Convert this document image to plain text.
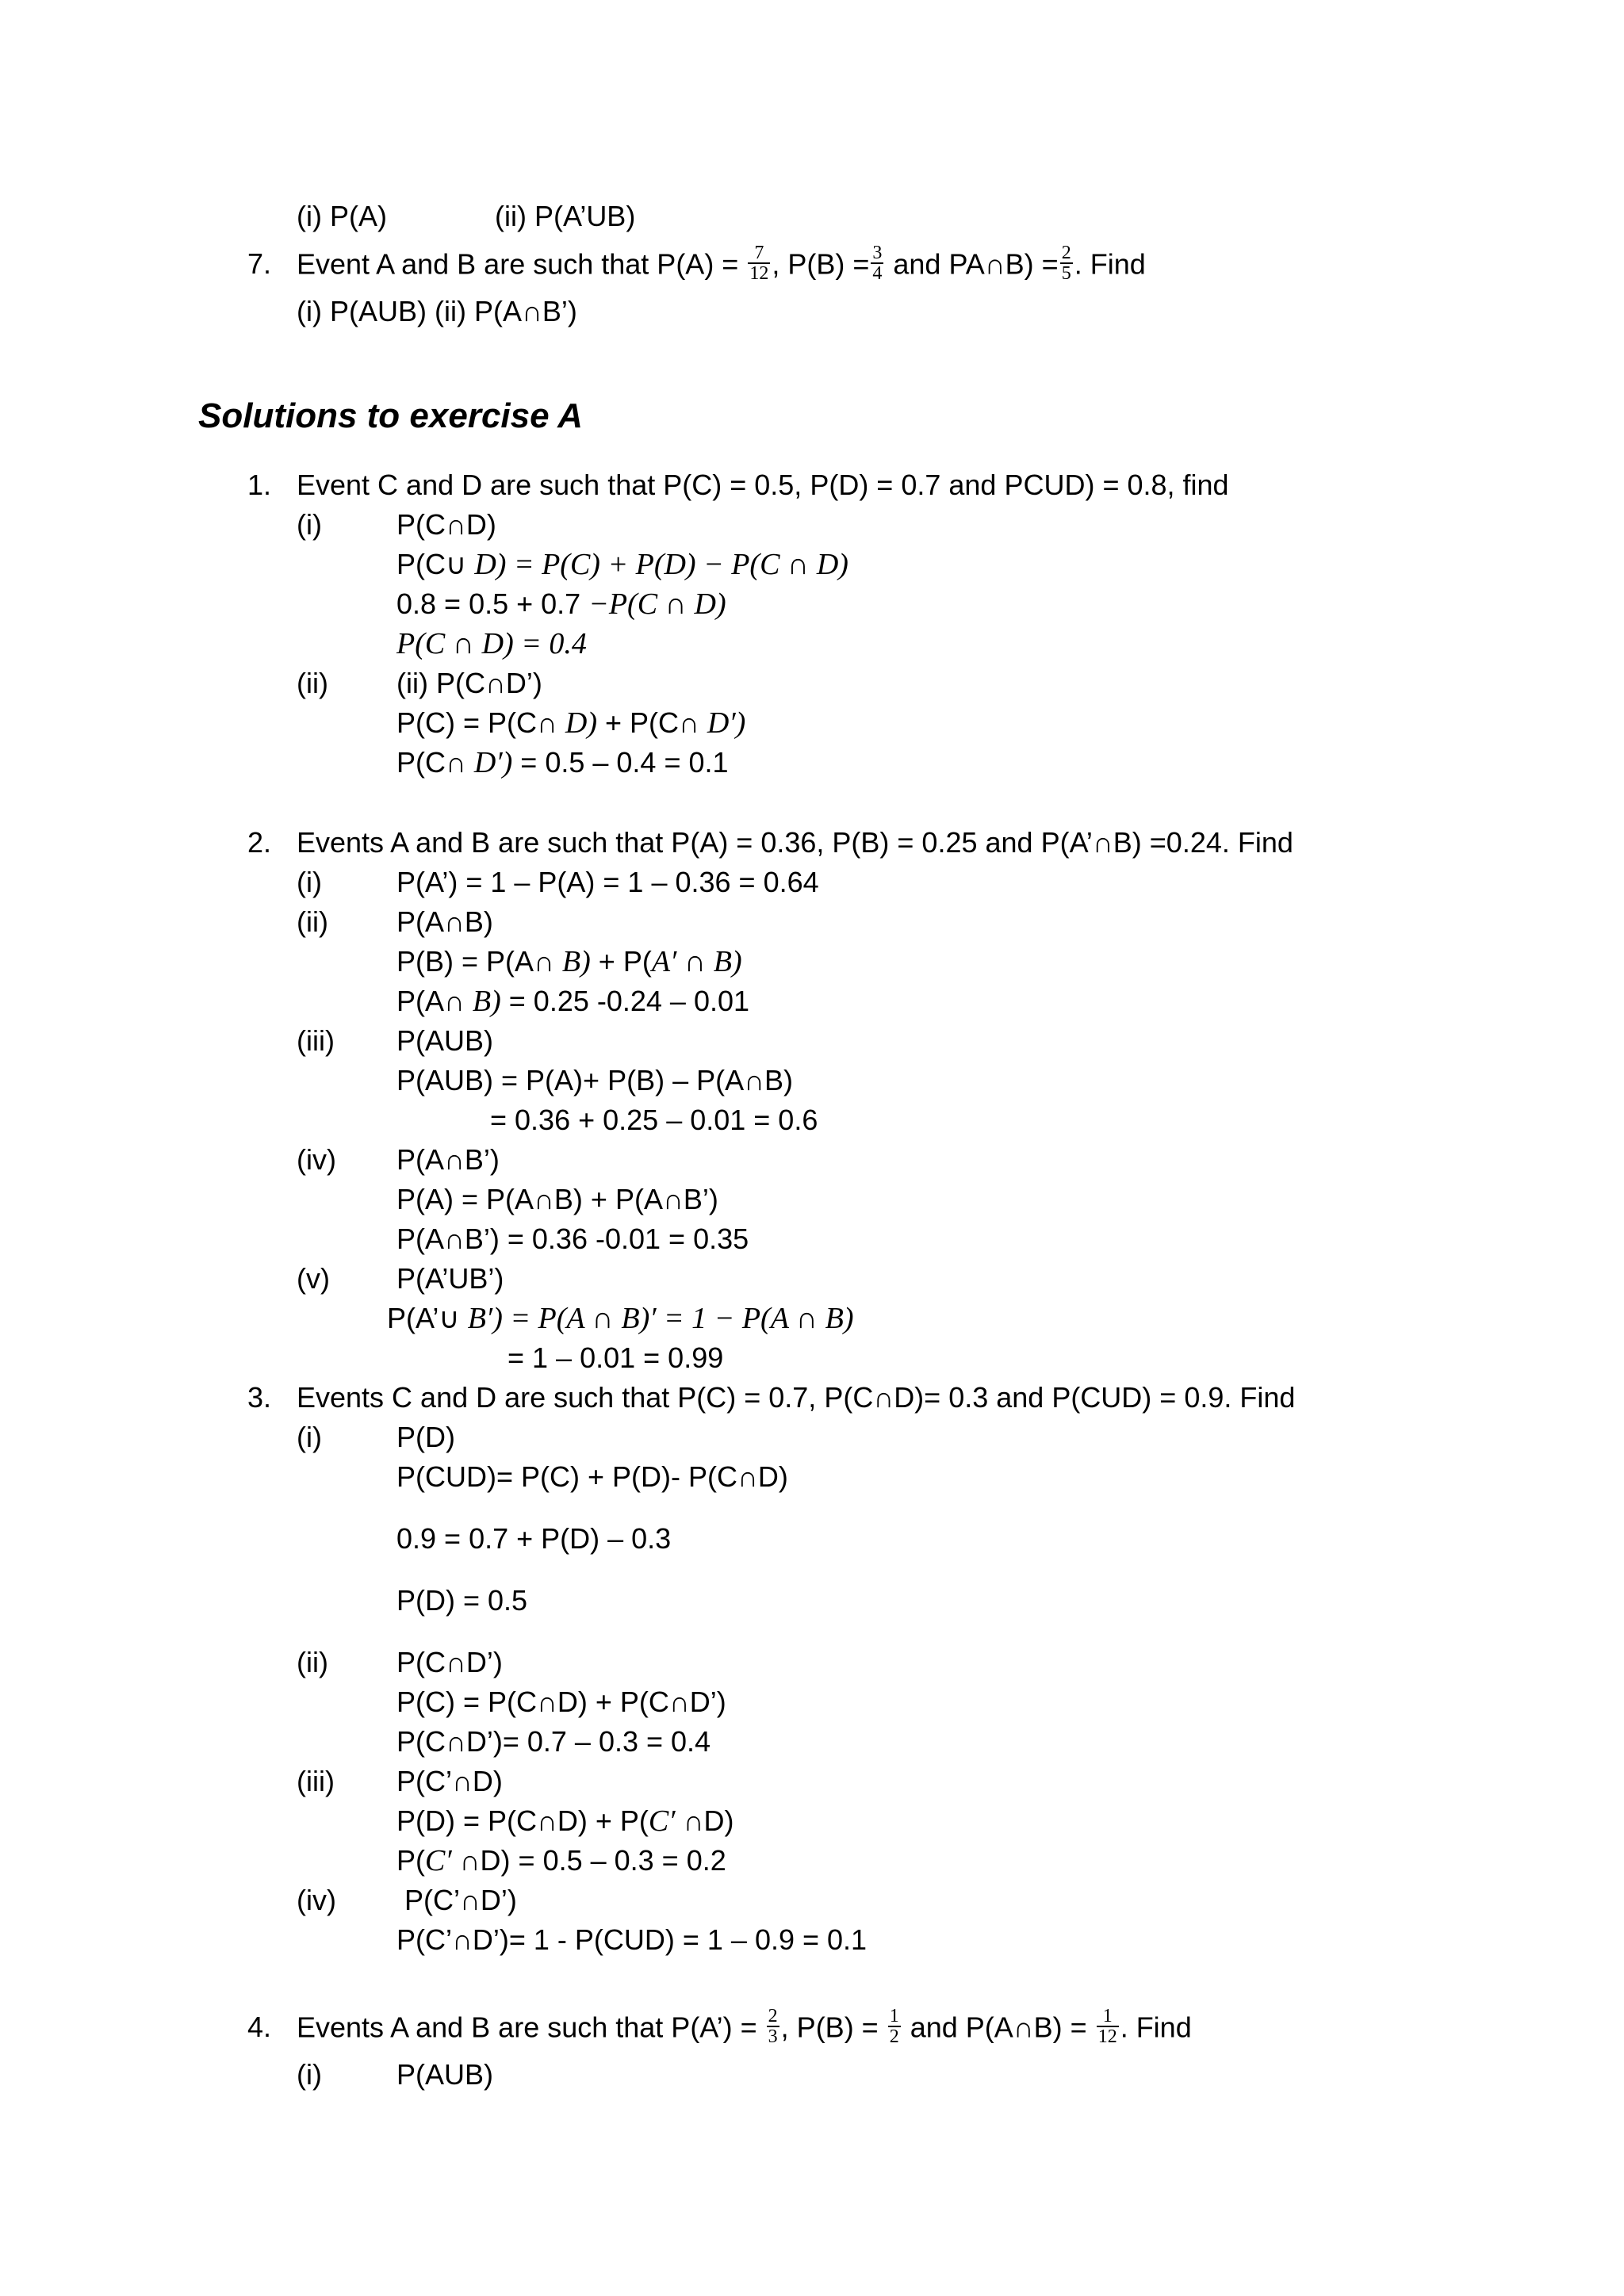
(i) P(A)	(ii) P(A’UB)
7. Event A and B are such that $P(A) = \frac{7}{12}$ , $P(B) = \frac{3}{4}$ and PA∩B) = $\frac{2}{5}$ . Find
(i) P(AUB) (ii) P(A∩B’)
Solutions to exercise A
1. Event C and D are such that P(C) = 0.5, P(D) = 0.7 and PCUD) = 0.8, find
(i)	P(C∩D)
P(C∪ D) = P(C) + P(D) − P(C ∩ D)
0.8 = 0.5 + 0.7 −P(C ∩ D)
P(C ∩ D) = 0.4
(ii) (ii) P(C∩D’)
P(C) = P(C∩ D) + P(C∩ D′)
P(C∩ D′) = 0.5 – 0.4 = 0.1
2. Events A and B are such that P(A) = 0.36, P(B) = 0.25 and P(A’∩B) =0.24. Find
(i)	P(A’) = 1 – P(A) = 1 – 0.36 = 0.64
(ii) P(A∩B)
P(B) = P(A∩ B) + P(A′ ∩ B)
P(A∩ B) = 0.25 -0.24 – 0.01
(iii) P(AUB)
P(AUB) = P(A)+ P(B) – P(A∩B)
= 0.36 + 0.25 – 0.01 = 0.6
(iv) P(A∩B’)
P(A) = P(A∩B) + P(A∩B’)
P(A∩B’) = 0.36 -0.01 = 0.35
(v) P(A’UB’)
P(A’∪ B′) = P(A ∩ B)′ = 1 − P(A ∩ B)
= 1 – 0.01 = 0.99
3. Events C and D are such that P(C) = 0.7, P(C∩D)= 0.3 and P(CUD) = 0.9. Find
(i)	P(D)
P(CUD)= P(C) + P(D)- P(C∩D)
0.9 = 0.7 + P(D) – 0.3
P(D) = 0.5
(ii) P(C∩D’)
P(C) = P(C∩D) + P(C∩D’)
P(C∩D’)= 0.7 – 0.3 = 0.4
(iii) P(C’∩D)
P(D) = P(C∩D) + P(C′ ∩D)
P(C′ ∩D) = 0.5 – 0.3 = 0.2
(iv) P(C’∩D’)
P(C’∩D’)= 1 - P(CUD) = 1 – 0.9 = 0.1
4. Events A and B are such that P(A’) = $\frac{2}{3}$ , $P(B) = \frac{1}{2}$ and P(A∩B) = $\frac{1}{12}$ . Find
(i)	P(AUB)
